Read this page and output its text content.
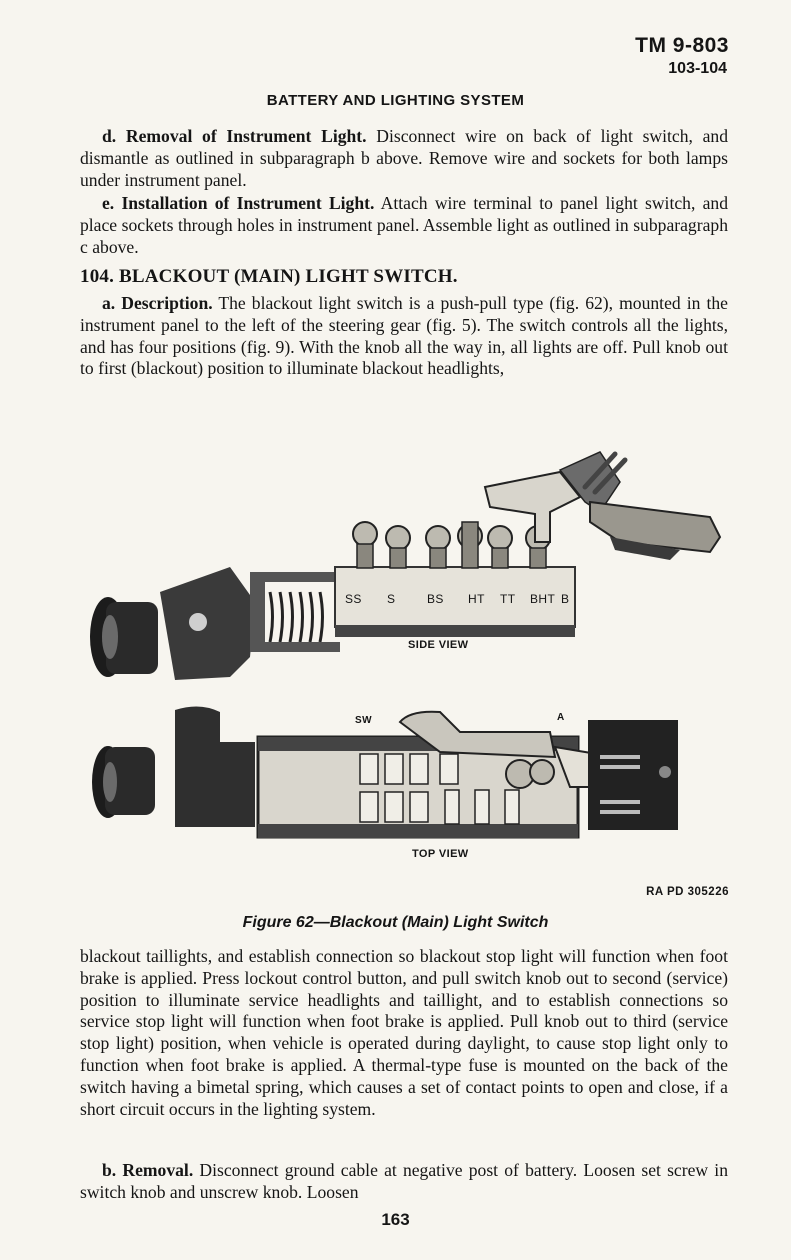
TM 9-803
103-104
BATTERY AND LIGHTING SYSTEM
d. Removal of Instrument Light. Disconnect wire on back of light switch, and dismantle as outlined in subparagraph b above. Remove wire and sockets for both lamps under instrument panel.
e. Installation of Instrument Light. Attach wire terminal to panel light switch, and place sockets through holes in instrument panel. Assemble light as outlined in subparagraph c above.
104. BLACKOUT (MAIN) LIGHT SWITCH.
a. Description. The blackout light switch is a push-pull type (fig. 62), mounted in the instrument panel to the left of the steering gear (fig. 5). The switch controls all the lights, and has four positions (fig. 9). With the knob all the way in, all lights are off. Pull knob out to first (blackout) position to illuminate blackout headlights,
SS S	BS HT TT BHT B
SIDE VIEW
SW	A
TOP VIEW
RA PD 305226
Figure 62—Blackout (Main) Light Switch
blackout taillights, and establish connection so blackout stop light will function when foot brake is applied. Press lockout control button, and pull switch knob out to second (service) position to illuminate service headlights and taillight, and to establish connections so service stop light will function when foot brake is applied. Pull knob out to third (service stop light) position, when vehicle is operated during daylight, to cause stop light only to function when foot brake is applied. A thermal-type fuse is mounted on the back of the switch having a bimetal spring, which causes a set of contact points to open and close, if a short circuit occurs in the lighting system.
b. Removal. Disconnect ground cable at negative post of battery. Loosen set screw in switch knob and unscrew knob. Loosen
163
